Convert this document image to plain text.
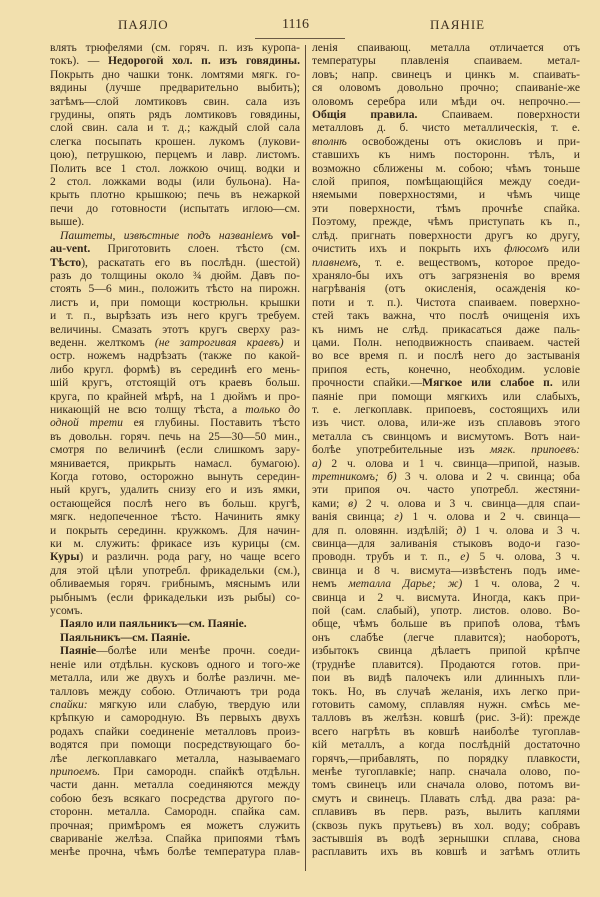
ПАЯЛО	1116	ПАЯНІЕ
влять трюфелями (см. горяч. п. изъ куропа-
токъ). — Недорогой хол. п. изъ говядины.
Покрыть дно чашки тонк. ломтями мягк. го-
вядины (лучше предварительно выбить);
затѣмъ—слой ломтиковъ свин. сала изъ
грудины, опять рядъ ломтиковъ говядины,
слой свин. сала и т. д.; каждый слой сала
слегка посыпать крошен. лукомъ (лукови-
цою), петрушкою, перцемъ и лавр. листомъ.
Полить все 1 стол. ложкою очищ. водки и
2 стол. ложками воды (или бульона). На-
крыть плотно крышкою; печь въ нежаркой
печи до готовности (испытать иглою—см.
выше).
Паштеты, извѣстные подъ названіемъ vol-
au-vent. Приготовить слоен. тѣсто (см.
Тѣсто), раскатать его въ послѣдн. (шестой)
разъ до толщины около ¾ дюйм. Давъ по-
стоять 5—6 мин., положить тѣсто на пирожн.
листъ и, при помощи кострюльн. крышки
и т. п., вырѣзать изъ него кругъ требуем.
величины. Смазать этотъ кругъ сверху раз-
веденн. желткомъ (не затрогивая краевъ) и
остр. ножемъ надрѣзать (также по какой-
либо кругл. формѣ) въ серединѣ его мень-
шій кругъ, отстоящій отъ краевъ больш.
круга, по крайней мѣрѣ, на 1 дюймъ и про-
никающій не всю толщу тѣста, а только до
одной трети ея глубины. Поставить тѣсто
въ довольн. горяч. печь на 25—30—50 мин.,
смотря по величинѣ (если слишкомъ зару-
мянивается, прикрыть намасл. бумагою).
Когда готово, осторожно вынуть середин-
ный кругъ, удалить снизу его и изъ ямки,
остающейся послѣ него въ больш. кругѣ,
мягк. недопеченное тѣсто. Начинить ямку
и покрыть серединн. кружкомъ. Для начин-
ки м. служить: фрикасе изъ курицы (см.
Куры) и различн. рода рагу, но чаще всего
для этой цѣли употребл. фрикадельки (см.),
обливаемыя горяч. грибнымъ, мяснымъ или
рыбнымъ (если фрикадельки изъ рыбы) со-
усомъ.
Паяло или паяльникъ—см. Паяніе.
Паяльникъ—см. Паяніе.
Паяніе—болѣе или менѣе прочн. соеди-
неніе или отдѣльн. кусковъ одного и того-же
металла, или же двухъ и болѣе различн. ме-
талловъ между собою. Отличаютъ три рода
спайки: мягкую или слабую, твердую или
крѣпкую и самородную. Въ первыхъ двухъ
родахъ спайки соединеніе металловъ произ-
водятся при помощи посредствующаго бо-
лѣе легкоплавкаго металла, называемаго
припоемъ. При самородн. спайкѣ отдѣльн.
части данн. металла соединяются между
собою безъ всякаго посредства другого по-
сторонн. металла. Самородн. спайка сам.
прочная; примѣромъ ея можетъ служить
свариваніе желѣза. Спайка припоями тѣмъ
менѣе прочна, чѣмъ болѣе температура плав-
ленія спаивающ. металла отличается отъ
температуры плавленія спаиваем. метал-
ловъ; напр. свинецъ и цинкъ м. спаивать-
ся оловомъ довольно прочно; спаиваніе-же
оловомъ серебра или мѣди оч. непрочно.—
Общія правила. Спаиваем. поверхности
металловъ д. б. чисто металлическія, т. е.
вполнѣ освобождены отъ окисловъ и при-
ставшихъ къ нимъ посторонн. тѣлъ, и
возможно сближены м. собою; чѣмъ тоньше
слой припоя, помѣщающійся между соеди-
няемыми поверхностями, и чѣмъ чище
эти поверхности, тѣмъ прочнѣе спайка.
Поэтому, прежде, чѣмъ приступать къ п.,
слѣд. пригнать поверхности другъ ко другу,
очистить ихъ и покрыть ихъ флюсомъ или
плавнемъ, т. е. веществомъ, которое предо-
храняло-бы ихъ отъ загрязненія во время
нагрѣванія (отъ окисленія, осажденія ко-
поти и т. п.). Чистота спаиваем. поверхно-
стей такъ важна, что послѣ очищенія ихъ
къ нимъ не слѣд. прикасаться даже паль-
цами. Полн. неподвижность спаиваем. частей
во все время п. и послѣ него до застыванія
припоя есть, конечно, необходим. условіе
прочности спайки.—Мягкое или слабое п. или
паяніе при помощи мягкихъ или слабыхъ,
т. е. легкоплавк. припоевъ, состоящихъ или
изъ чист. олова, или-же изъ сплавовъ этого
металла съ свинцомъ и висмутомъ. Вотъ наи-
болѣе употребительные изъ мягк. припоевъ:
а) 2 ч. олова и 1 ч. свинца—припой, назыв.
третникомъ; б) 3 ч. олова и 2 ч. свинца; оба
эти припоя оч. часто употребл. жестяни-
ками; в) 2 ч. олова и 3 ч. свинца—для спаи-
ванія свинца; г) 1 ч. олова и 2 ч. свинца—
для п. оловянн. издѣлій; д) 1 ч. олова и 3 ч.
свинца—для заливанія стыковъ водо-и газо-
проводн. трубъ и т. п., е) 5 ч. олова, 3 ч.
свинца и 8 ч. висмута—извѣстенъ подъ име-
немъ металла Дарье; ж) 1 ч. олова, 2 ч.
свинца и 2 ч. висмута. Иногда, какъ при-
пой (сам. слабый), употр. листов. олово. Во-
обще, чѣмъ больше въ припоѣ олова, тѣмъ
онъ слабѣе (легче плавится); наоборотъ,
избытокъ свинца дѣлаетъ припой крѣпче
(труднѣе плавится). Продаются готов. при-
пои въ видѣ палочекъ или длинныхъ пли-
токъ. Но, въ случаѣ желанія, ихъ легко при-
готовить самому, сплавляя нужн. смѣсь ме-
талловъ въ желѣзн. ковшѣ (рис. 3-й): прежде
всего нагрѣть въ ковшѣ наиболѣе тугоплав-
кій металлъ, а когда послѣдній достаточно
горячъ,—прибавлять, по порядку плавкости,
менѣе тугоплавкіе; напр. сначала олово, по-
томъ свинецъ или сначала олово, потомъ ви-
смутъ и свинецъ. Плавать слѣд. два раза: ра-
сплавивъ въ перв. разъ, вылить каплями
(сквозь пукъ прутьевъ) въ хол. воду; собравъ
застывшія въ водѣ зернышки сплава, снова
расплавить ихъ въ ковшѣ и затѣмъ отлить
